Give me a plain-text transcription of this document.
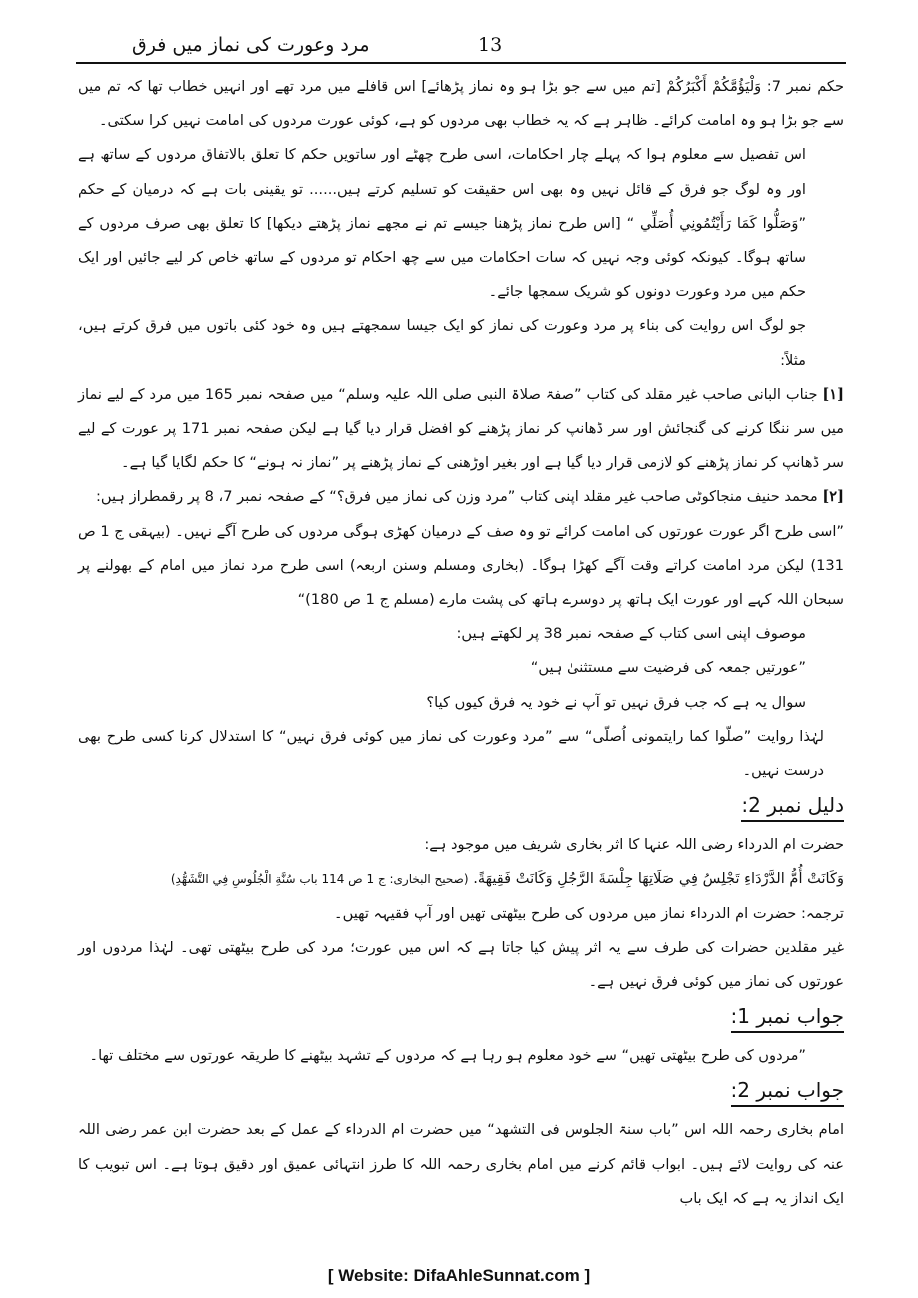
مرد وعورت کی نماز میں فرق	13

حکم نمبر 7: وَلْيَؤُمَّكُمْ أَكْبَرُكُمْ [تم میں سے جو بڑا ہو وہ نماز پڑھائے] اس قافلے میں مرد تھے اور انہیں خطاب تھا کہ تم میں سے جو بڑا ہو وہ امامت کرائے۔ ظاہر ہے کہ یہ خطاب بھی مردوں کو ہے، کوئی عورت مردوں کی امامت نہیں کرا سکتی۔

اس تفصیل سے معلوم ہوا کہ پہلے چار احکامات، اسی طرح چھٹے اور ساتویں حکم کا تعلق بالاتفاق مردوں کے ساتھ ہے اور وہ لوگ جو فرق کے قائل نہیں وہ بھی اس حقیقت کو تسلیم کرتے ہیں...... تو یقینی بات ہے کہ درمیان کے حکم ”وَصَلُّوا كَمَا رَأَيْتُمُونِي أُصَلِّي “ [اس طرح نماز پڑھنا جیسے تم نے مجھے نماز پڑھتے دیکھا] کا تعلق بھی صرف مردوں کے ساتھ ہوگا۔ کیونکہ کوئی وجہ نہیں کہ سات احکامات میں سے چھ احکام تو مردوں کے ساتھ خاص کر لیے جائیں اور ایک حکم میں مرد وعورت دونوں کو شریک سمجھا جائے۔

جو لوگ اس روایت کی بناء پر مرد وعورت کی نماز کو ایک جیسا سمجھتے ہیں وہ خود کئی باتوں میں فرق کرتے ہیں، مثلاً:

[۱] جناب البانی صاحب غیر مقلد کی کتاب ”صفۃ صلاۃ النبی صلی اللہ علیہ وسلم“ میں صفحہ نمبر 165 میں مرد کے لیے نماز میں سر ننگا کرنے کی گنجائش اور سر ڈھانپ کر نماز پڑھنے کو افضل قرار دیا گیا ہے لیکن صفحہ نمبر 171 پر عورت کے لیے سر ڈھانپ کر نماز پڑھنے کو لازمی قرار دیا گیا ہے اور بغیر اوڑھنی کے نماز پڑھنے پر ”نماز نہ ہونے“ کا حکم لگایا گیا ہے۔

[۲] محمد حنیف منجاکوٹی صاحب غیر مقلد اپنی کتاب ”مرد وزن کی نماز میں فرق؟“ کے صفحہ نمبر 7، 8 پر رقمطراز ہیں:

”اسی طرح اگر عورت عورتوں کی امامت کرائے تو وہ صف کے درمیان کھڑی ہوگی مردوں کی طرح آگے نہیں۔ (بیہقی ج 1 ص 131) لیکن مرد امامت کراتے وقت آگے کھڑا ہوگا۔ (بخاری ومسلم وسنن اربعہ) اسی طرح مرد نماز میں امام کے بھولنے پر سبحان اللہ کہے اور عورت ایک ہاتھ پر دوسرے ہاتھ کی پشت مارے (مسلم ج 1 ص 180)“

موصوف اپنی اسی کتاب کے صفحہ نمبر 38 پر لکھتے ہیں:

”عورتیں جمعہ کی فرضیت سے مستثنیٰ ہیں“

سوال یہ ہے کہ جب فرق نہیں تو آپ نے خود یہ فرق کیوں کیا؟

لہٰذا روایت ”صلّوا کما رایتمونی اُصلّی“ سے ”مرد وعورت کی نماز میں کوئی فرق نہیں“ کا استدلال کرنا کسی طرح بھی درست نہیں۔

دلیل نمبر 2:

حضرت ام الدرداء رضی اللہ عنہا کا اثر بخاری شریف میں موجود ہے:

وَكَانَتْ أُمُّ الدَّرْدَاءِ تَجْلِسُ فِي صَلَاتِهَا جِلْسَةَ الرَّجُلِ وَكَانَتْ فَقِيهَةً. (صحیح البخاری: ج 1 ص 114 باب سُنَّةِ الْجُلُوسِ فِي التَّشَهُّدِ)

ترجمہ: حضرت ام الدرداء نماز میں مردوں کی طرح بیٹھتی تھیں اور آپ فقیہہ تھیں۔

غیر مقلدین حضرات کی طرف سے یہ اثر پیش کیا جاتا ہے کہ اس میں عورت؛ مرد کی طرح بیٹھتی تھی۔ لہٰذا مردوں اور عورتوں کی نماز میں کوئی فرق نہیں ہے۔

جواب نمبر 1:

”مردوں کی طرح بیٹھتی تھیں“ سے خود معلوم ہو رہا ہے کہ مردوں کے تشہد بیٹھنے کا طریقہ عورتوں سے مختلف تھا۔

جواب نمبر 2:

امام بخاری رحمہ اللہ اس ”باب سنۃ الجلوس فی التشھد“ میں حضرت ام الدرداء کے عمل کے بعد حضرت ابن عمر رضی اللہ عنہ کی روایت لائے ہیں۔ ابواب قائم کرنے میں امام بخاری رحمہ اللہ کا طرز انتہائی عمیق اور دقیق ہوتا ہے۔ اس تبویب کا ایک انداز یہ ہے کہ ایک باب

[ Website: DifaAhleSunnat.com ]
